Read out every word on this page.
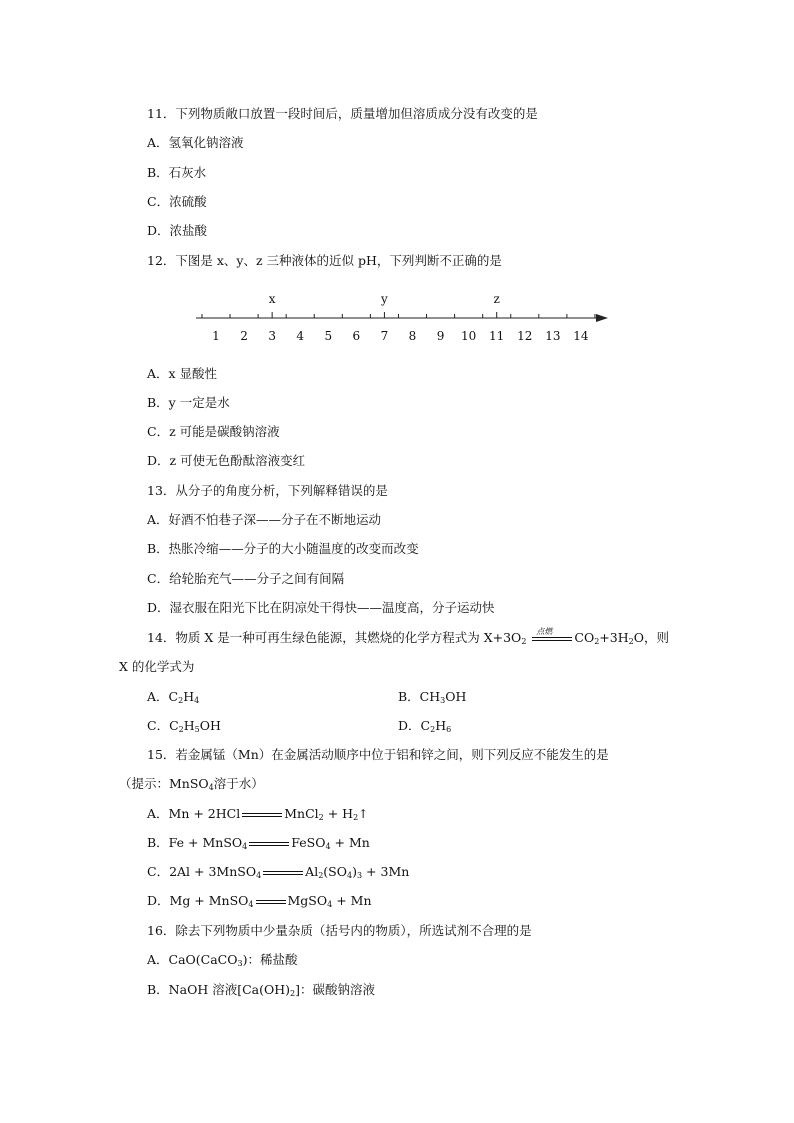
11．下列物质敞口放置一段时间后，质量增加但溶质成分没有改变的是
A．氢氧化钠溶液
B．石灰水
C．浓硫酸
D．浓盐酸
12．下图是 x、y、z 三种液体的近似 pH，下列判断不正确的是
1 2 3 4 5 6 7 8 9 10 11 12 13 14
x	y	z
A．x 显酸性
B．y 一定是水
C．z 可能是碳酸钠溶液
D．z 可使无色酚酞溶液变红
13．从分子的角度分析，下列解释错误的是
A．好酒不怕巷子深——分子在不断地运动
B．热胀冷缩——分子的大小随温度的改变而改变
C．给轮胎充气——分子之间有间隔
D．湿衣服在阳光下比在阴凉处干得快——温度高，分子运动快
14．物质 X 是一种可再生绿色能源，其燃烧的化学方程式为 $X+3O_2$
点燃 $CO_2+3H_2O$，则
X 的化学式为
A．$C_2H_4$	B．$CH_3OH$
C．$C_2H_5OH$	D．$C_2H_6$
15．若金属锰（Mn）在金属活动顺序中位于铝和锌之间，则下列反应不能发生的是
（提示：MnSO$_4$溶于水）
A．Mn + 2HCl	MnCl$_2$ + $H_2↑$
B．Fe + MnSO$_4$	FeSO$_4$ + Mn
C．2Al + 3MnSO$_4$	$Al_2(SO_4)_3 + 3Mn$
D．Mg + MnSO$_4$	MgSO$_4$ + Mn
16．除去下列物质中少量杂质（括号内的物质），所选试剂不合理的是
A．CaO(CaCO$_3$)：稀盐酸
B．NaOH 溶液$[Ca(OH)_2]$：碳酸钠溶液
